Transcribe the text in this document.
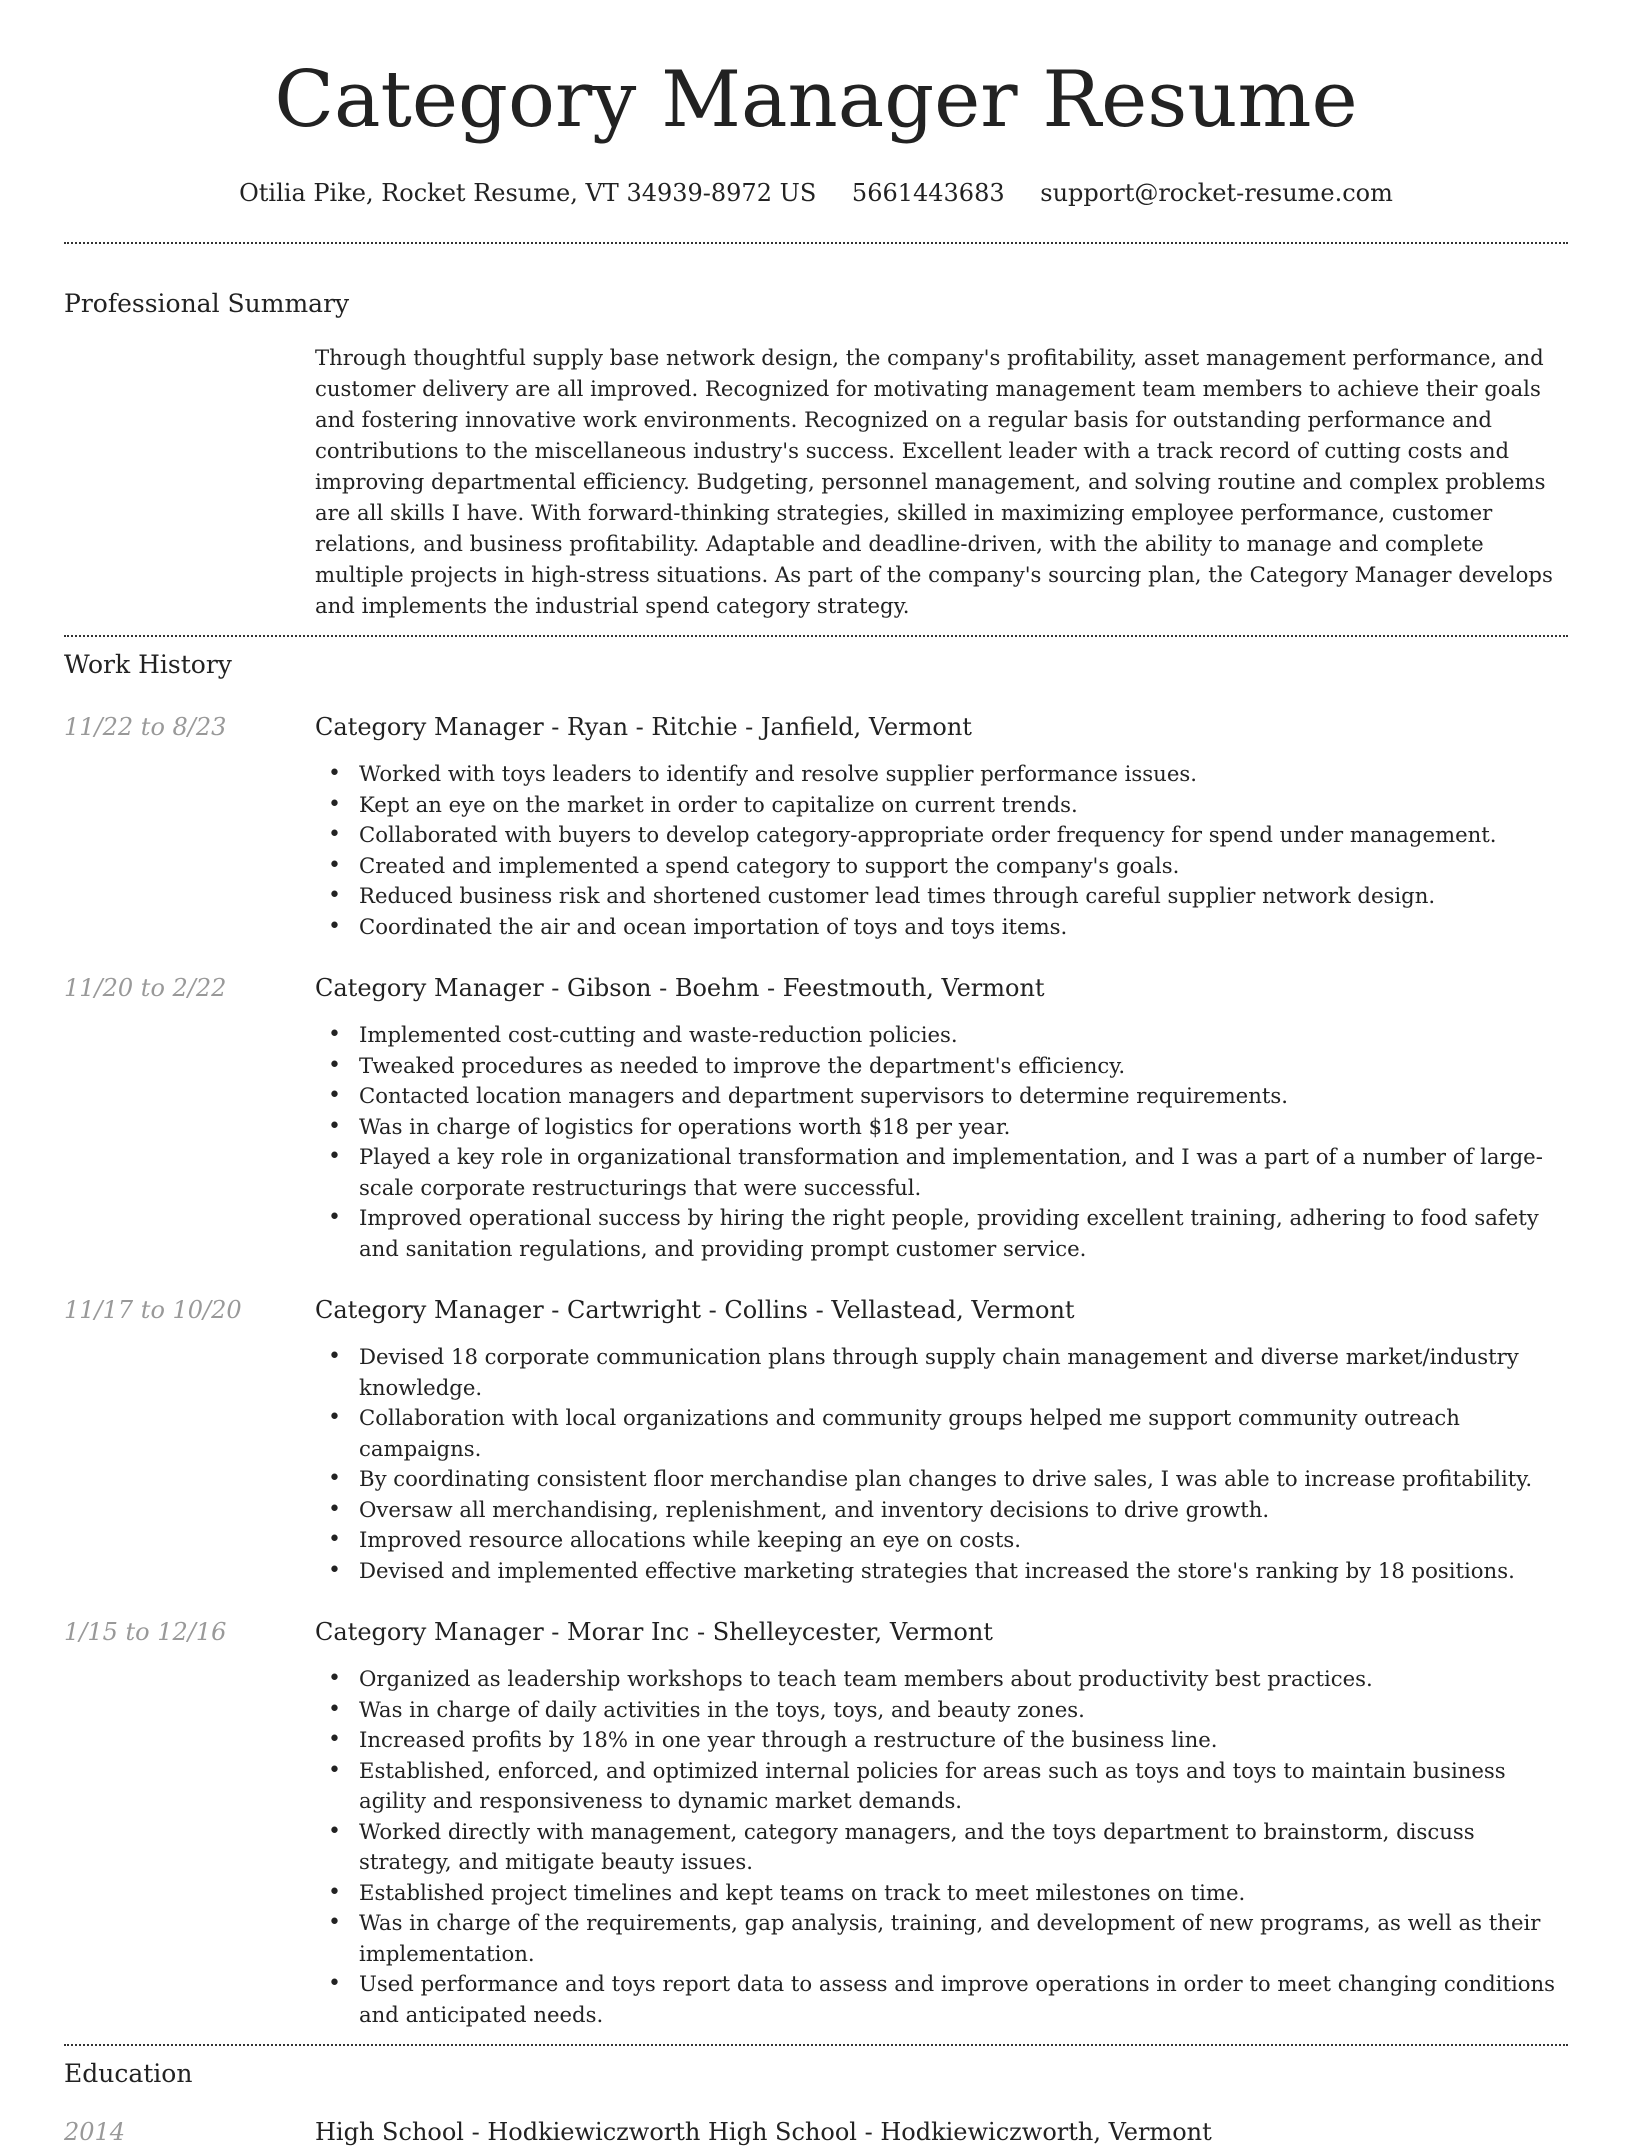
Category Manager Resume
Otilia Pike, Rocket Resume, VT 34939-8972 US 5661443683 support@rocket-resume.com
Professional Summary
Through thoughtful supply base network design, the company's profitability, asset management performance, and customer delivery are all improved. Recognized for motivating management team members to achieve their goals and fostering innovative work environments. Recognized on a regular basis for outstanding performance and contributions to the miscellaneous industry's success. Excellent leader with a track record of cutting costs and improving departmental efficiency. Budgeting, personnel management, and solving routine and complex problems are all skills I have. With forward-thinking strategies, skilled in maximizing employee performance, customer relations, and business profitability. Adaptable and deadline-driven, with the ability to manage and complete multiple projects in high-stress situations. As part of the company's sourcing plan, the Category Manager develops and implements the industrial spend category strategy.
Work History
11/22 to 8/23	Category Manager - Ryan - Ritchie - Janfield, Vermont
• Worked with toys leaders to identify and resolve supplier performance issues.
• Kept an eye on the market in order to capitalize on current trends.
• Collaborated with buyers to develop category-appropriate order frequency for spend under management.
• Created and implemented a spend category to support the company's goals.
• Reduced business risk and shortened customer lead times through careful supplier network design.
• Coordinated the air and ocean importation of toys and toys items.
11/20 to 2/22	Category Manager - Gibson - Boehm - Feestmouth, Vermont
• Implemented cost-cutting and waste-reduction policies.
• Tweaked procedures as needed to improve the department's efficiency.
• Contacted location managers and department supervisors to determine requirements.
• Was in charge of logistics for operations worth $18 per year.
• Played a key role in organizational transformation and implementation, and I was a part of a number of large-scale corporate restructurings that were successful.
• Improved operational success by hiring the right people, providing excellent training, adhering to food safety and sanitation regulations, and providing prompt customer service.
11/17 to 10/20	Category Manager - Cartwright - Collins - Vellastead, Vermont
• Devised 18 corporate communication plans through supply chain management and diverse market/industry knowledge.
• Collaboration with local organizations and community groups helped me support community outreach campaigns.
• By coordinating consistent floor merchandise plan changes to drive sales, I was able to increase profitability.
• Oversaw all merchandising, replenishment, and inventory decisions to drive growth.
• Improved resource allocations while keeping an eye on costs.
• Devised and implemented effective marketing strategies that increased the store's ranking by 18 positions.
1/15 to 12/16	Category Manager - Morar Inc - Shelleycester, Vermont
• Organized as leadership workshops to teach team members about productivity best practices.
• Was in charge of daily activities in the toys, toys, and beauty zones.
• Increased profits by 18% in one year through a restructure of the business line.
• Established, enforced, and optimized internal policies for areas such as toys and toys to maintain business agility and responsiveness to dynamic market demands.
• Worked directly with management, category managers, and the toys department to brainstorm, discuss strategy, and mitigate beauty issues.
• Established project timelines and kept teams on track to meet milestones on time.
• Was in charge of the requirements, gap analysis, training, and development of new programs, as well as their implementation.
• Used performance and toys report data to assess and improve operations in order to meet changing conditions and anticipated needs.
Education
2014	High School - Hodkiewiczworth High School - Hodkiewiczworth, Vermont
